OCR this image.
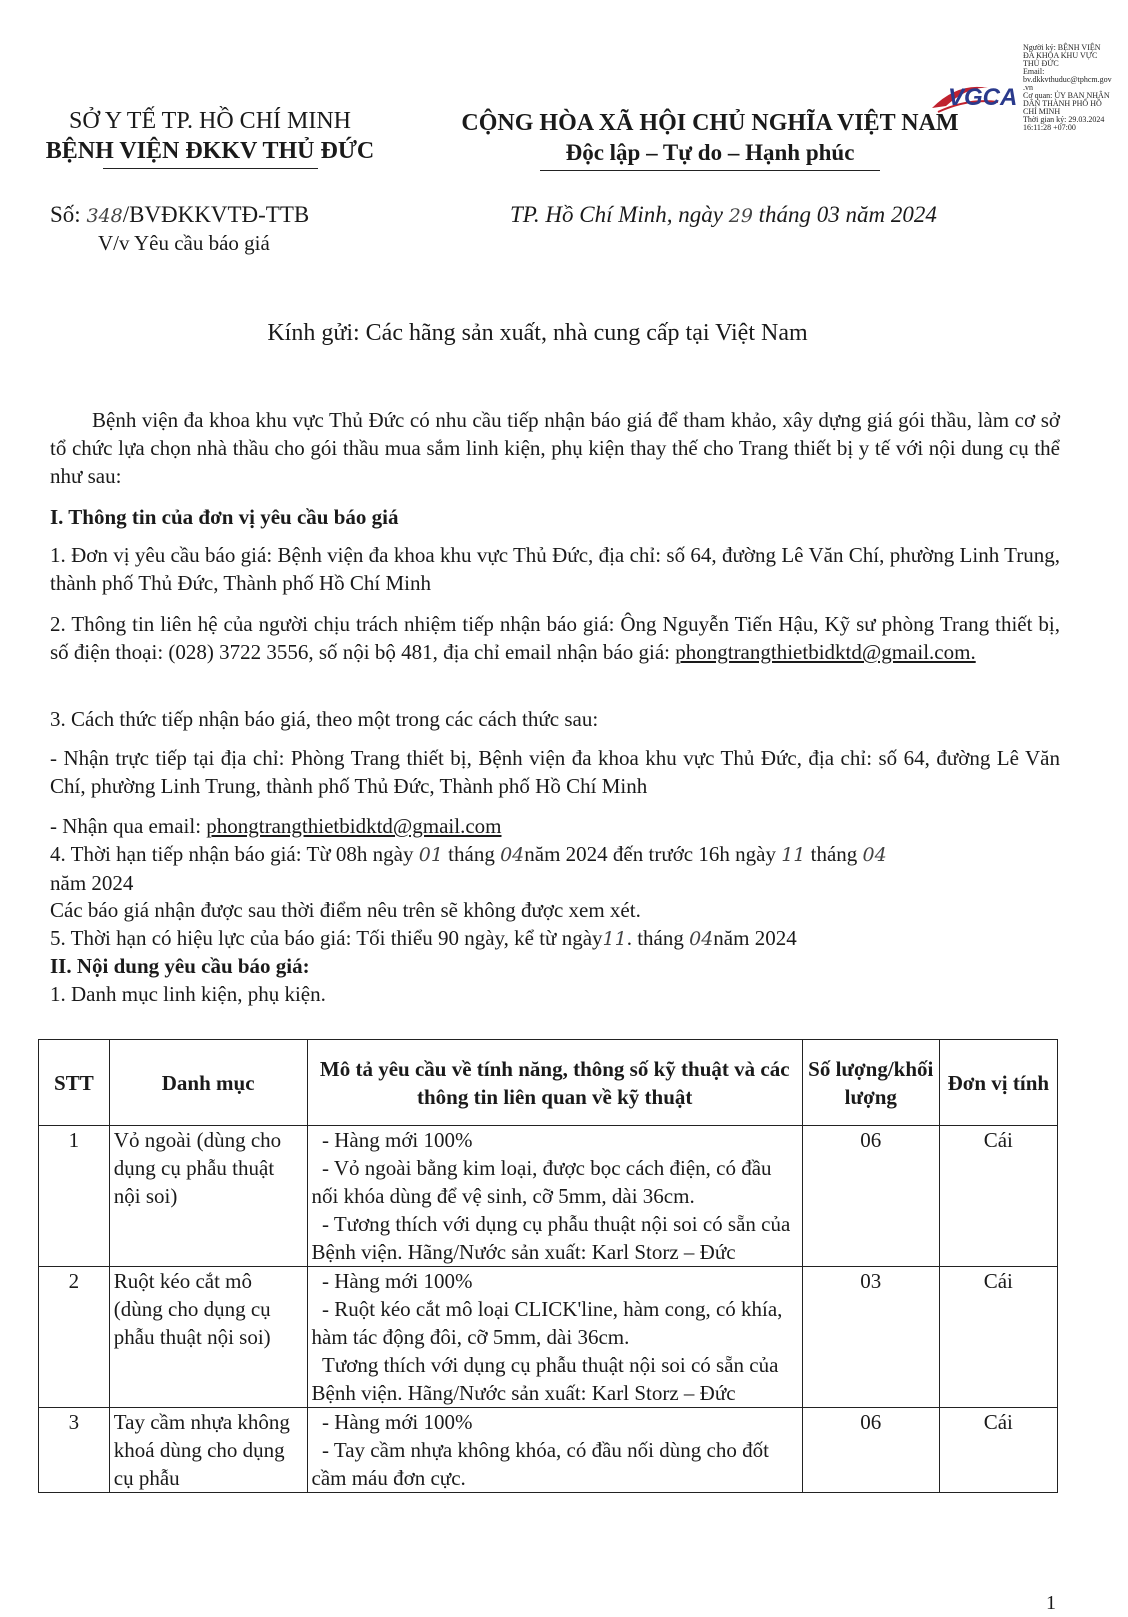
Người ký: BỆNH VIỆN
ĐA KHOA KHU VỰC
THỦ ĐỨC
Email:
bv.dkkvthuduc@tphcm.gov
.vn
Cơ quan: ỦY BAN NHÂN
DÂN THÀNH PHỐ HỒ
CHÍ MINH
Thời gian ký: 29.03.2024
16:11:28 +07:00
VGCA
SỞ Y TẾ TP. HỒ CHÍ MINH
BỆNH VIỆN ĐKKV THỦ ĐỨC
CỘNG HÒA XÃ HỘI CHỦ NGHĨA VIỆT NAM
Độc lập – Tự do – Hạnh phúc
Số: 348/BVĐKKVTĐ-TTB
V/v Yêu cầu báo giá
TP. Hồ Chí Minh, ngày 29 tháng 03 năm 2024
Kính gửi: Các hãng sản xuất, nhà cung cấp tại Việt Nam
Bệnh viện đa khoa khu vực Thủ Đức có nhu cầu tiếp nhận báo giá để tham khảo, xây dựng giá gói thầu, làm cơ sở tổ chức lựa chọn nhà thầu cho gói thầu mua sắm linh kiện, phụ kiện thay thế cho Trang thiết bị y tế với nội dung cụ thể như sau:
I. Thông tin của đơn vị yêu cầu báo giá
1. Đơn vị yêu cầu báo giá: Bệnh viện đa khoa khu vực Thủ Đức, địa chỉ: số 64, đường Lê Văn Chí, phường Linh Trung, thành phố Thủ Đức, Thành phố Hồ Chí Minh
2. Thông tin liên hệ của người chịu trách nhiệm tiếp nhận báo giá: Ông Nguyễn Tiến Hậu, Kỹ sư phòng Trang thiết bị, số điện thoại: (028) 3722 3556, số nội bộ 481, địa chỉ email nhận báo giá: phongtrangthietbidktd@gmail.com.
3. Cách thức tiếp nhận báo giá, theo một trong các cách thức sau:
- Nhận trực tiếp tại địa chỉ: Phòng Trang thiết bị, Bệnh viện đa khoa khu vực Thủ Đức, địa chỉ: số 64, đường Lê Văn Chí, phường Linh Trung, thành phố Thủ Đức, Thành phố Hồ Chí Minh
- Nhận qua email: phongtrangthietbidktd@gmail.com
4. Thời hạn tiếp nhận báo giá: Từ 08h ngày 01 tháng 04năm 2024 đến trước 16h ngày 11 tháng 04
năm 2024
Các báo giá nhận được sau thời điểm nêu trên sẽ không được xem xét.
5. Thời hạn có hiệu lực của báo giá: Tối thiểu 90 ngày, kể từ ngày11. tháng 04năm 2024
II. Nội dung yêu cầu báo giá:
1. Danh mục linh kiện, phụ kiện.
STT	Danh mục	Mô tả yêu cầu về tính năng, thông số kỹ thuật và các thông tin liên quan về kỹ thuật	Số lượng/khối lượng	Đơn vị tính
1	Vỏ ngoài (dùng cho dụng cụ phẫu thuật nội soi)	- Hàng mới 100%
- Vỏ ngoài bằng kim loại, được bọc cách điện, có đầu nối khóa dùng để vệ sinh, cỡ 5mm, dài 36cm.
- Tương thích với dụng cụ phẫu thuật nội soi có sẵn của Bệnh viện. Hãng/Nước sản xuất: Karl Storz – Đức	06	Cái
2	Ruột kéo cắt mô (dùng cho dụng cụ phẫu thuật nội soi)	- Hàng mới 100%
- Ruột kéo cắt mô loại CLICK'line, hàm cong, có khía, hàm tác động đôi, cỡ 5mm, dài 36cm.
Tương thích với dụng cụ phẫu thuật nội soi có sẵn của Bệnh viện. Hãng/Nước sản xuất: Karl Storz – Đức	03	Cái
3	Tay cầm nhựa không khoá dùng cho dụng cụ phẫu	- Hàng mới 100%
- Tay cầm nhựa không khóa, có đầu nối dùng cho đốt cầm máu đơn cực.	06	Cái
1
